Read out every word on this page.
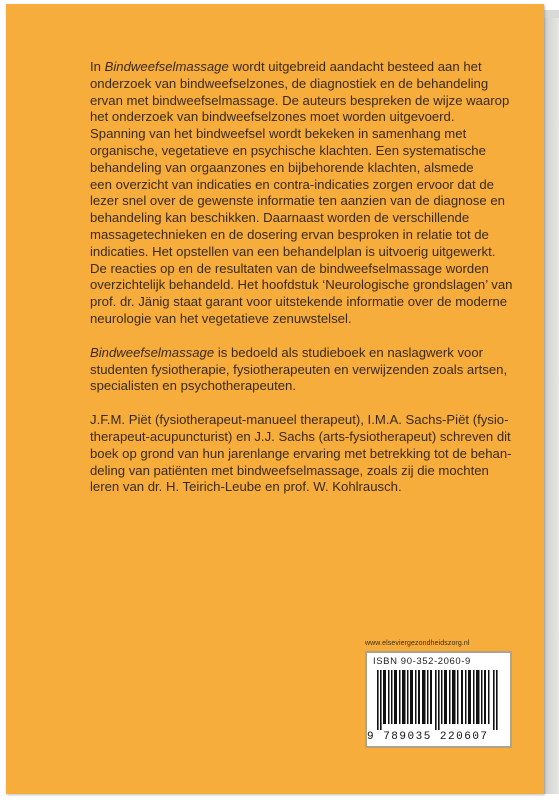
In Bindweefselmassage wordt uitgebreid aandacht besteed aan het
onderzoek van bindweefselzones, de diagnostiek en de behandeling
ervan met bindweefselmassage. De auteurs bespreken de wijze waarop
het onderzoek van bindweefselzones moet worden uitgevoerd.
Spanning van het bindweefsel wordt bekeken in samenhang met
organische, vegetatieve en psychische klachten. Een systematische
behandeling van orgaanzones en bijbehorende klachten, alsmede
een overzicht van indicaties en contra-indicaties zorgen ervoor dat de
lezer snel over de gewenste informatie ten aanzien van de diagnose en
behandeling kan beschikken. Daarnaast worden de verschillende
massagetechnieken en de dosering ervan besproken in relatie tot de
indicaties. Het opstellen van een behandelplan is uitvoerig uitgewerkt.
De reacties op en de resultaten van de bindweefselmassage worden
overzichtelijk behandeld. Het hoofdstuk ‘Neurologische grondslagen’ van
prof. dr. Jänig staat garant voor uitstekende informatie over de moderne
neurologie van het vegetatieve zenuwstelsel.

Bindweefselmassage is bedoeld als studieboek en naslagwerk voor
studenten fysiotherapie, fysiotherapeuten en verwijzenden zoals artsen,
specialisten en psychotherapeuten.

J.F.M. Piët (fysiotherapeut-manueel therapeut), I.M.A. Sachs-Piët (fysio-
therapeut-acupuncturist) en J.J. Sachs (arts-fysiotherapeut) schreven dit
boek op grond van hun jarenlange ervaring met betrekking tot de behan-
deling van patiënten met bindweefselmassage, zoals zij die mochten
leren van dr. H. Teirich-Leube en prof. W. Kohlrausch.

www.elseviergezondheidszorg.nl
ISBN 90-352-2060-9
9 789035 220607
